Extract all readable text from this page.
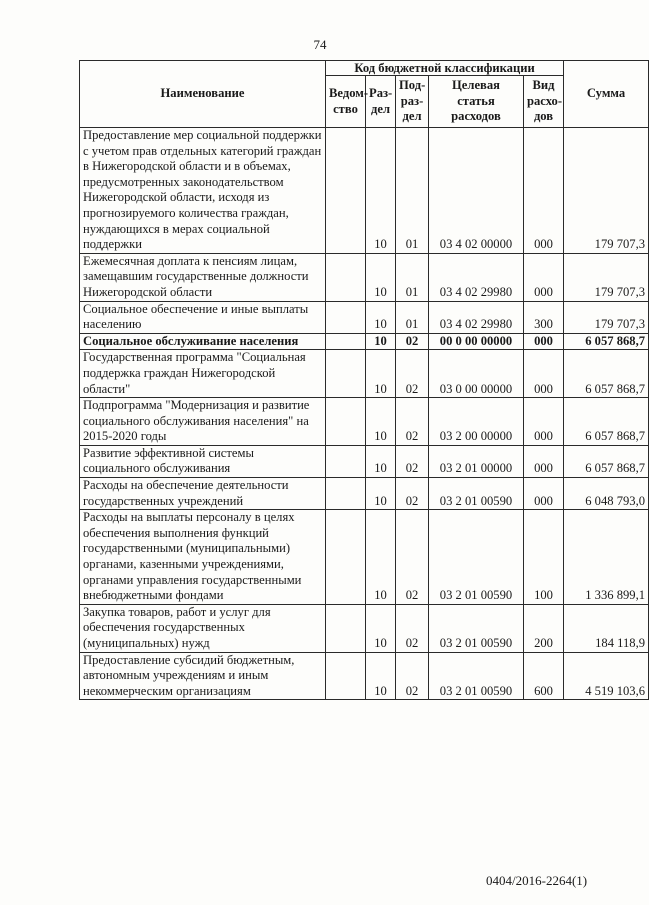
74
Наименование	Код бюджетной классификации					Сумма
	Ведом-ство	Раз-дел	Под-раз-дел	Целевая статья расходов	Вид расхо-дов	
Предоставление мер социальной поддержки с учетом прав отдельных категорий граждан в Нижегородской области и в объемах, предусмотренных законодательством Нижегородской области, исходя из прогнозируемого количества граждан, нуждающихся в мерах социальной поддержки		10	01	03 4 02 00000	000	179 707,3
Ежемесячная доплата к пенсиям лицам, замещавшим государственные должности Нижегородской области		10	01	03 4 02 29980	000	179 707,3
Социальное обеспечение и иные выплаты населению		10	01	03 4 02 29980	300	179 707,3
Социальное обслуживание населения		10	02	00 0 00 00000	000	6 057 868,7
Государственная программа "Социальная поддержка граждан Нижегородской области"		10	02	03 0 00 00000	000	6 057 868,7
Подпрограмма "Модернизация и развитие социального обслуживания населения" на 2015-2020 годы		10	02	03 2 00 00000	000	6 057 868,7
Развитие эффективной системы социального обслуживания		10	02	03 2 01 00000	000	6 057 868,7
Расходы на обеспечение деятельности государственных учреждений		10	02	03 2 01 00590	000	6 048 793,0
Расходы на выплаты персоналу в целях обеспечения выполнения функций государственными (муниципальными) органами, казенными учреждениями, органами управления государственными внебюджетными фондами		10	02	03 2 01 00590	100	1 336 899,1
Закупка товаров, работ и услуг для обеспечения государственных (муниципальных) нужд		10	02	03 2 01 00590	200	184 118,9
Предоставление субсидий бюджетным, автономным учреждениям и иным некоммерческим организациям		10	02	03 2 01 00590	600	4 519 103,6
0404/2016-2264(1)
